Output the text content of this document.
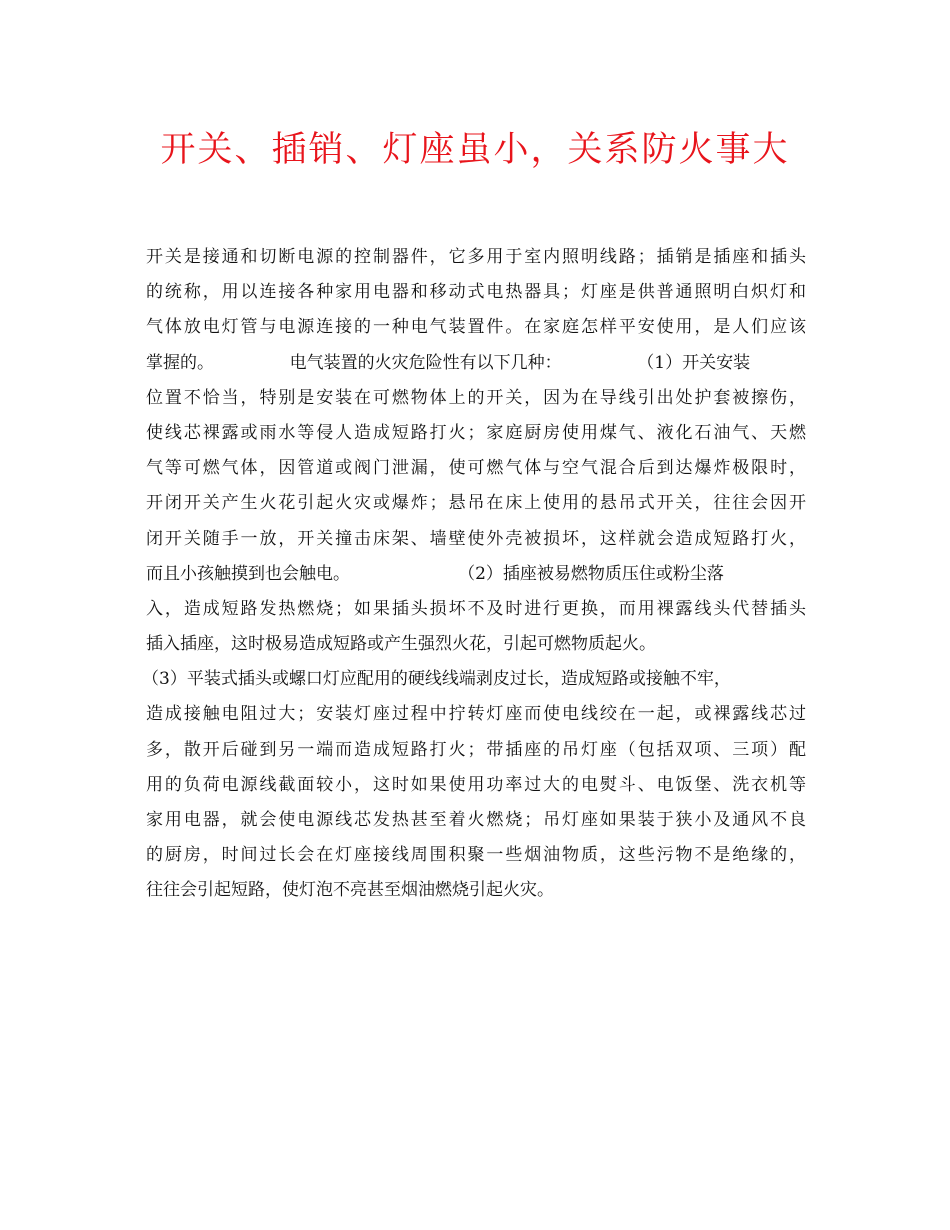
开关、插销、灯座虽小，关系防火事大
开关是接通和切断电源的控制器件，它多用于室内照明线路；插销是插座和插头
的统称，用以连接各种家用电器和移动式电热器具；灯座是供普通照明白炽灯和
气体放电灯管与电源连接的一种电气装置件。在家庭怎样平安使用，是人们应该
掌握的。              电气装置的火灾危险性有以下几种：              （1）开关安装
位置不恰当，特别是安装在可燃物体上的开关，因为在导线引出处护套被擦伤，
使线芯裸露或雨水等侵人造成短路打火；家庭厨房使用煤气、液化石油气、天燃
气等可燃气体，因管道或阀门泄漏，使可燃气体与空气混合后到达爆炸极限时，
开闭开关产生火花引起火灾或爆炸；悬吊在床上使用的悬吊式开关，往往会因开
闭开关随手一放，开关撞击床架、墙壁使外壳被损坏，这样就会造成短路打火，
而且小孩触摸到也会触电。                    （2）插座被易燃物质压住或粉尘落
入，造成短路发热燃烧；如果插头损坏不及时进行更换，而用裸露线头代替插头
插入插座，这时极易造成短路或产生强烈火花，引起可燃物质起火。
（3）平装式插头或螺口灯应配用的硬线线端剥皮过长，造成短路或接触不牢，
造成接触电阻过大；安装灯座过程中拧转灯座而使电线绞在一起，或裸露线芯过
多，散开后碰到另一端而造成短路打火；带插座的吊灯座（包括双项、三项）配
用的负荷电源线截面较小，这时如果使用功率过大的电熨斗、电饭堡、洗衣机等
家用电器，就会使电源线芯发热甚至着火燃烧；吊灯座如果装于狭小及通风不良
的厨房，时间过长会在灯座接线周围积聚一些烟油物质，这些污物不是绝缘的，
往往会引起短路，使灯泡不亮甚至烟油燃烧引起火灾。
